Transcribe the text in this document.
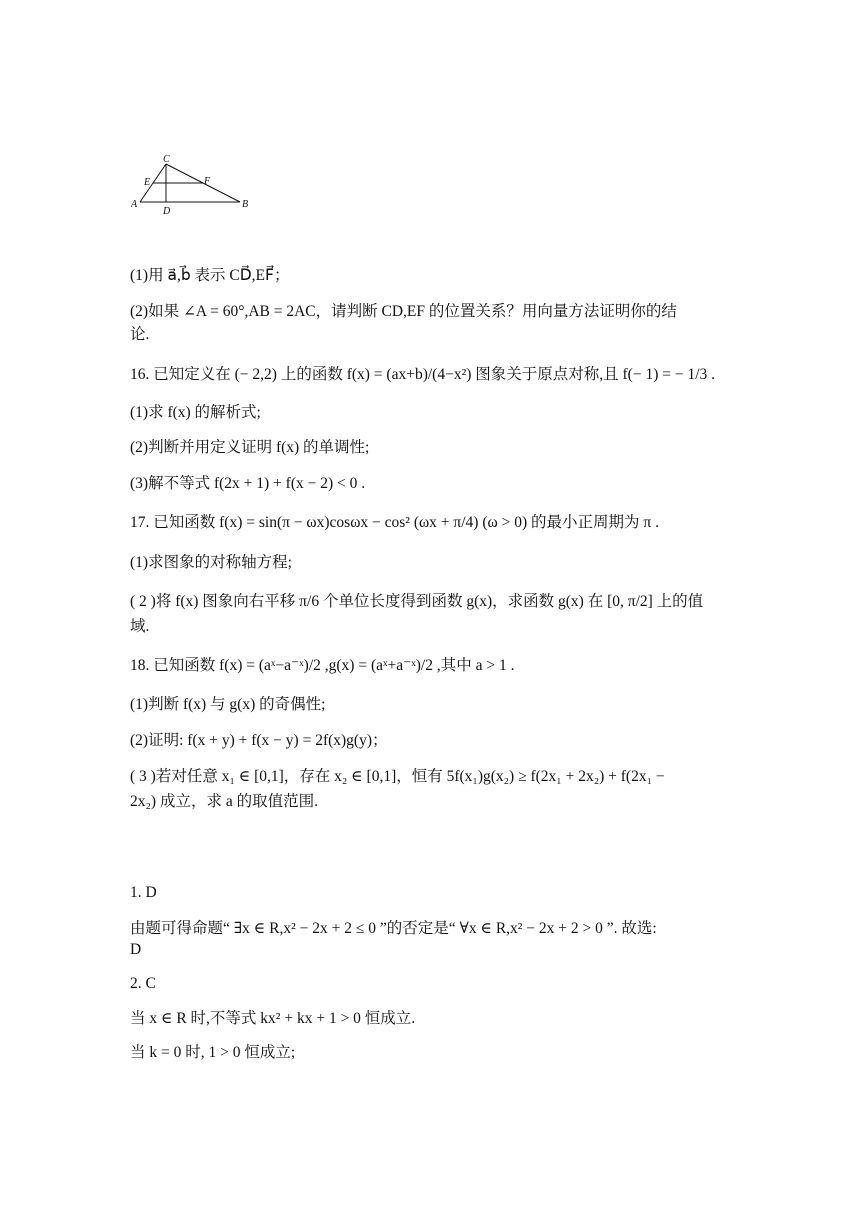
A	B
C
D
E	F
(1)用 a⃗,b⃗ 表示 CD⃗,EF⃗；
(2)如果 ∠A = 60°,AB = 2AC，请判断 CD,EF 的位置关系？用向量方法证明你的结
论.
16. 已知定义在 (− 2,2) 上的函数 f(x) = (ax+b)/(4−x²) 图象关于原点对称,且 f(− 1) = − 1/3 .
(1)求 f(x) 的解析式;
(2)判断并用定义证明 f(x) 的单调性;
(3)解不等式 f(2x + 1) + f(x − 2) < 0 .
17. 已知函数 f(x) = sin(π − ωx)cosωx − cos² (ωx + π/4) (ω > 0) 的最小正周期为 π .
(1)求图象的对称轴方程;
( 2 )将 f(x) 图象向右平移 π/6 个单位长度得到函数 g(x)，求函数 g(x) 在 [0, π/2] 上的值
域.
18. 已知函数 f(x) = (aˣ−a⁻ˣ)/2 ,g(x) = (aˣ+a⁻ˣ)/2 ,其中 a > 1 .
(1)判断 f(x) 与 g(x) 的奇偶性;
(2)证明: f(x + y) + f(x − y) = 2f(x)g(y)；
( 3 )若对任意 x₁ ∈ [0,1]，存在 x₂ ∈ [0,1]，恒有 5f(x₁)g(x₂) ≥ f(2x₁ + 2x₂) + f(2x₁ −
2x₂) 成立，求 a 的取值范围.
1. D
由题可得命题“ ∃x ∈ R,x² − 2x + 2 ≤ 0 ”的否定是“ ∀x ∈ R,x² − 2x + 2 > 0 ”. 故选:
D
2. C
当 x ∈ R 时,不等式 kx² + kx + 1 > 0 恒成立.
当 k = 0 时, 1 > 0 恒成立;
